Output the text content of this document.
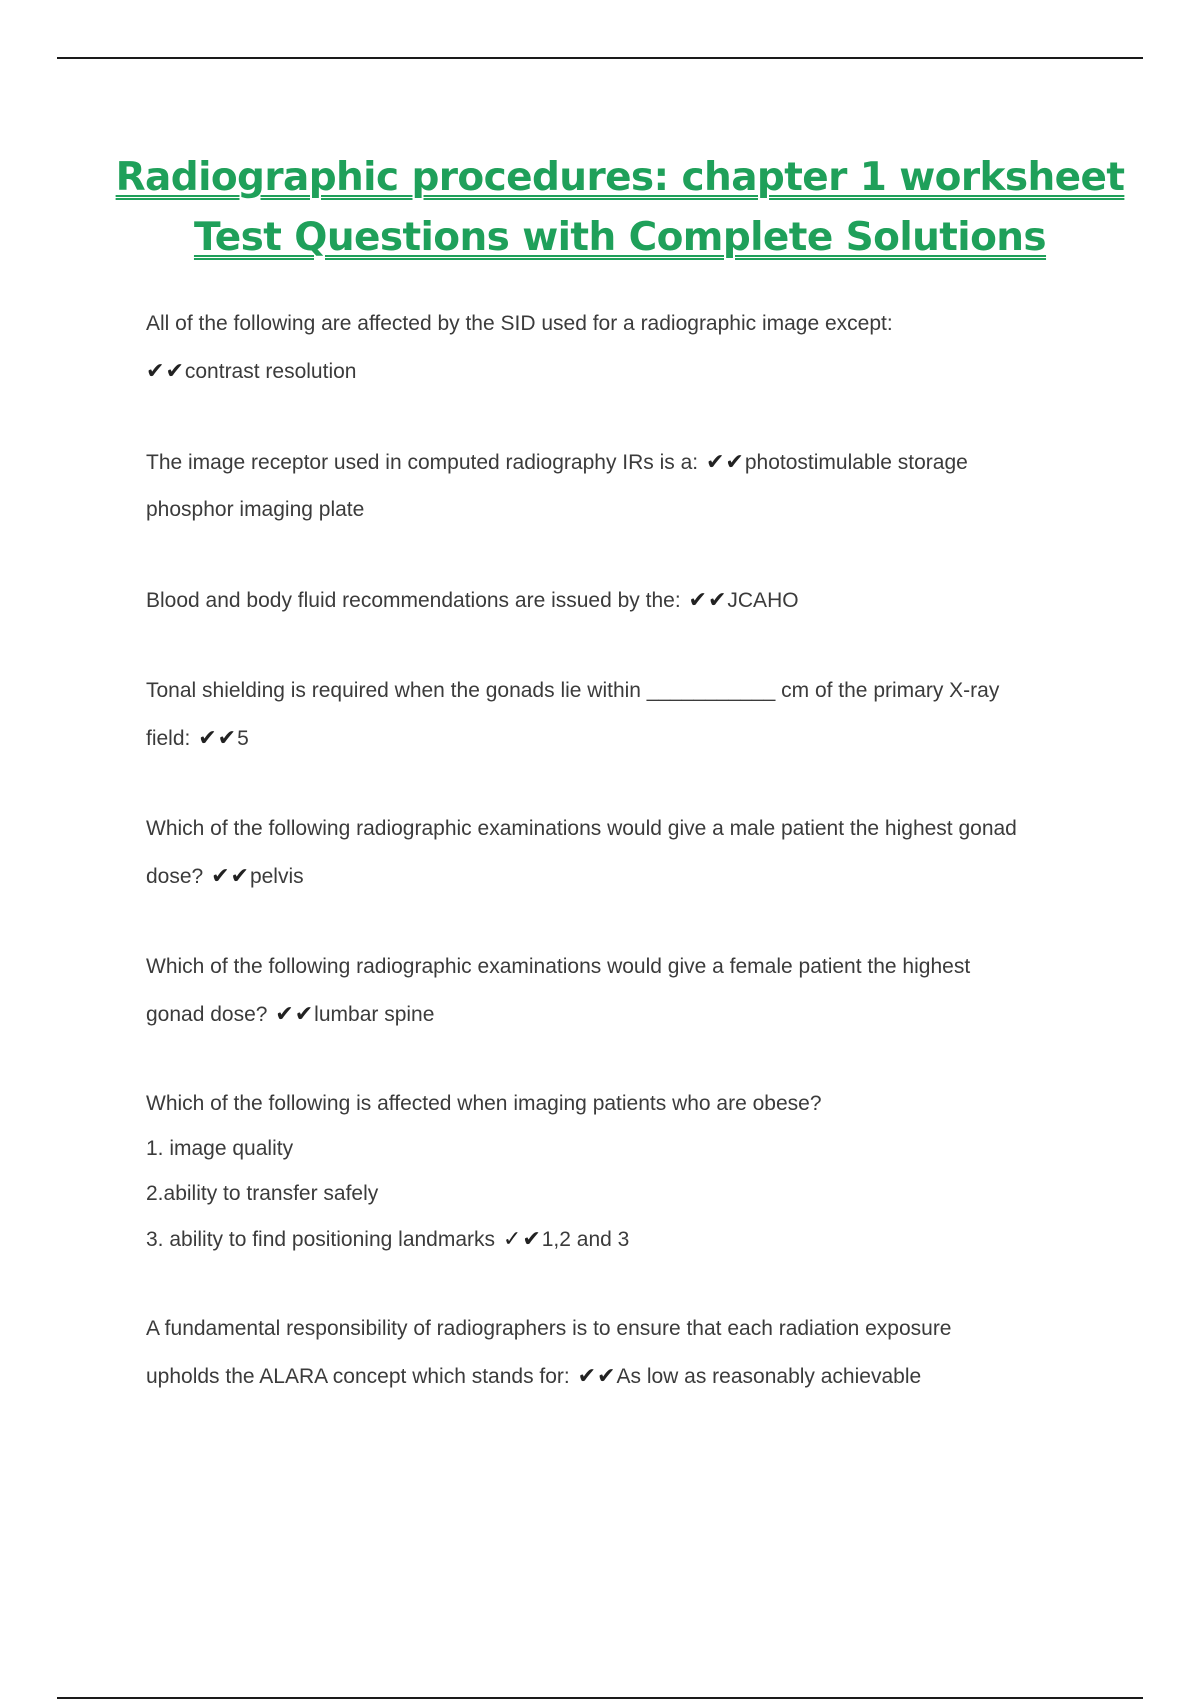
Radiographic procedures: chapter 1 worksheet
Test Questions with Complete Solutions
All of the following are affected by the SID used for a radiographic image except:
✔✔contrast resolution
The image receptor used in computed radiography IRs is a: ✔✔photostimulable storage
phosphor imaging plate
Blood and body fluid recommendations are issued by the: ✔✔JCAHO
Tonal shielding is required when the gonads lie within ___________ cm of the primary X-ray
field: ✔✔5
Which of the following radiographic examinations would give a male patient the highest gonad
dose? ✔✔pelvis
Which of the following radiographic examinations would give a female patient the highest
gonad dose? ✔✔lumbar spine
Which of the following is affected when imaging patients who are obese?
1. image quality
2.ability to transfer safely
3. ability to find positioning landmarks ✓✔1,2 and 3
A fundamental responsibility of radiographers is to ensure that each radiation exposure
upholds the ALARA concept which stands for: ✔✔As low as reasonably achievable
